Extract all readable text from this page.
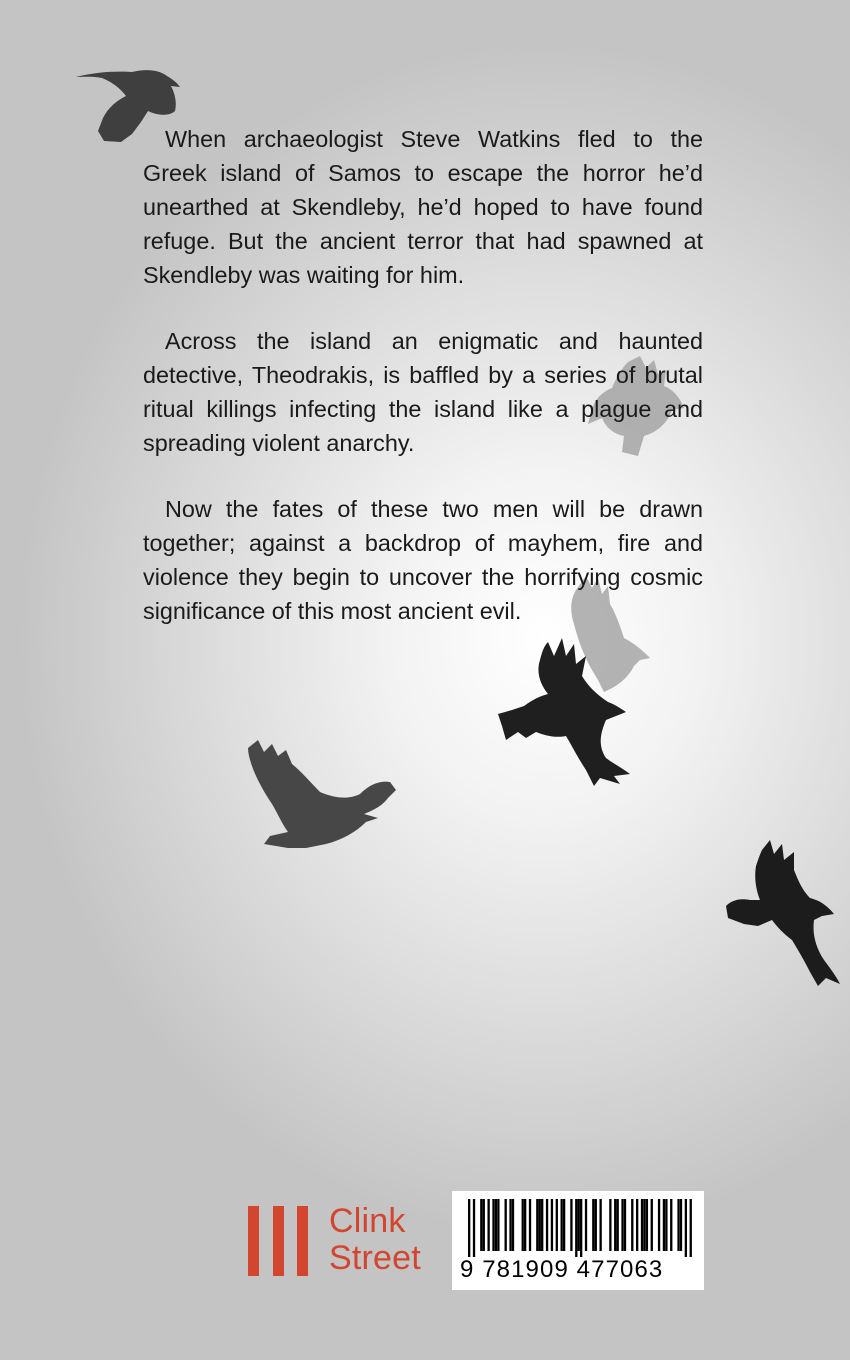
When archaeologist Steve Watkins fled to the Greek island of Samos to escape the horror he’d unearthed at Skendleby, he’d hoped to have found refuge. But the ancient terror that had spawned at Skendleby was waiting for him.

Across the island an enigmatic and haunted detective, Theodrakis, is baffled by a series of brutal ritual killings infecting the island like a plague and spreading violent anarchy.

Now the fates of these two men will be drawn together; against a backdrop of mayhem, fire and violence they begin to uncover the horrifying cosmic significance of this most ancient evil.

Clink
Street 9 781909 477063
